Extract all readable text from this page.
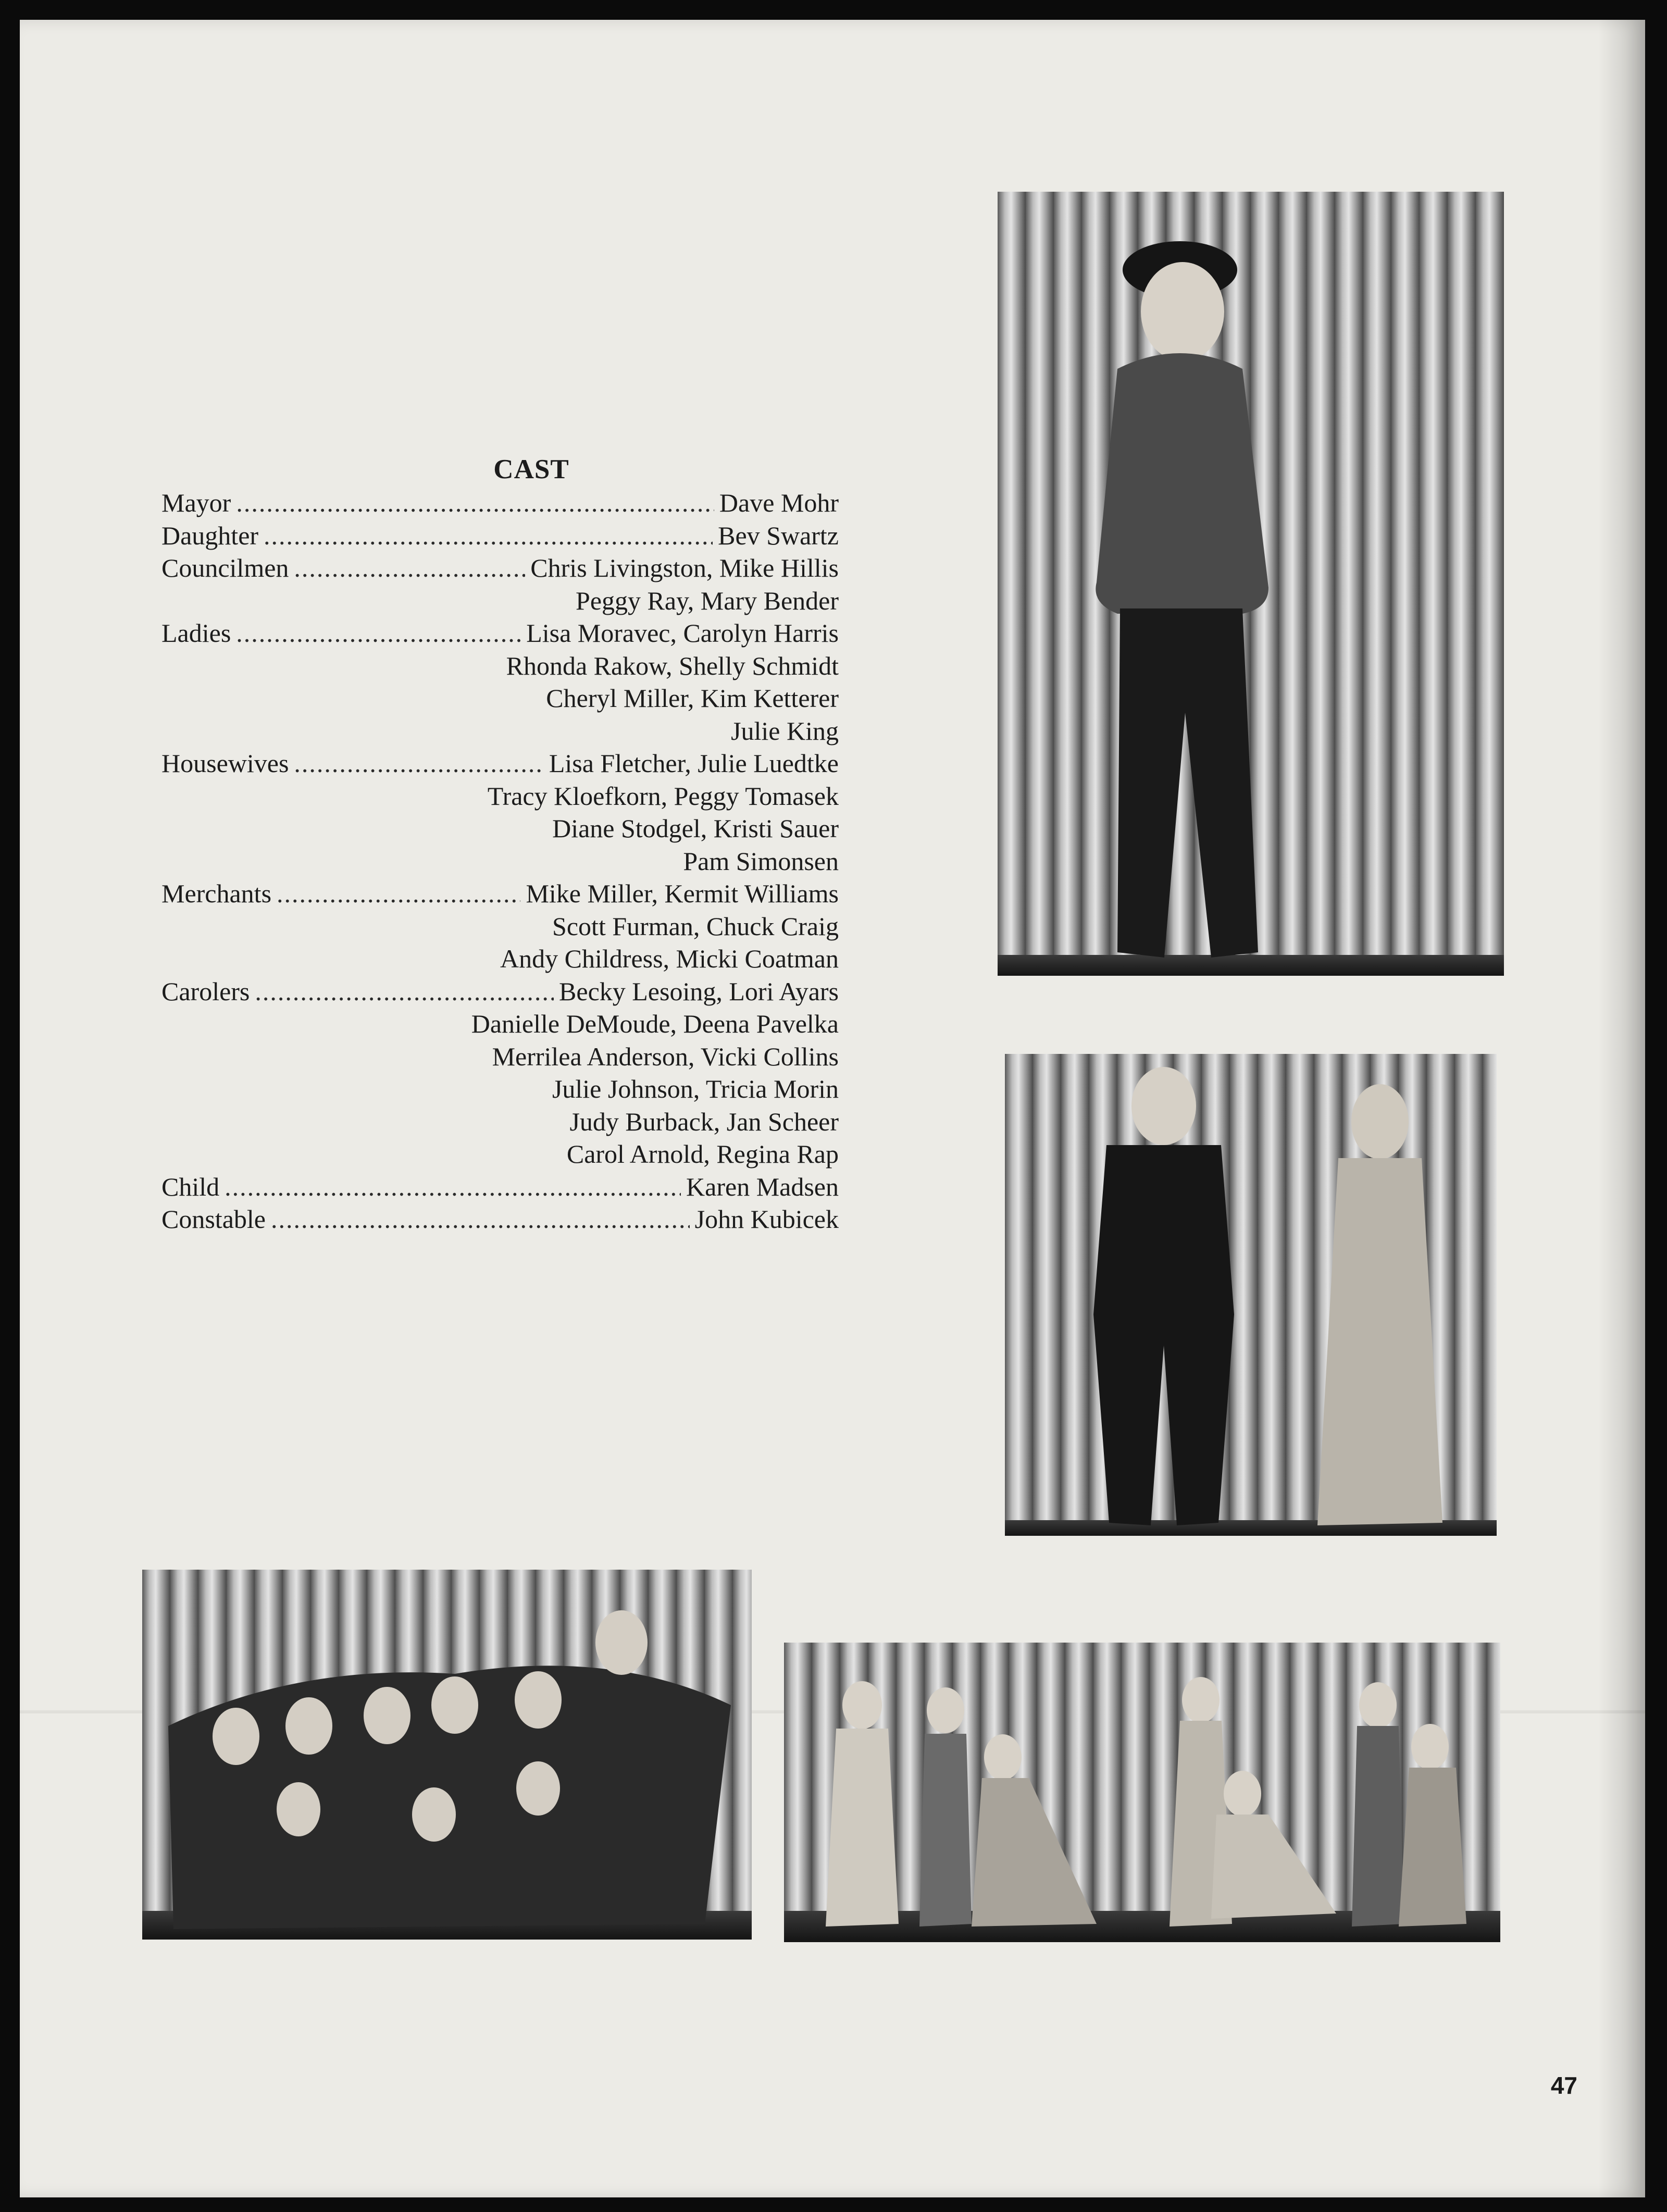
CAST
Mayor .....	Dave Mohr
Daughter .....	Bev Swartz
Councilmen .....	Chris Livingston, Mike Hillis
Peggy Ray, Mary Bender
Ladies .....	Lisa Moravec, Carolyn Harris
Rhonda Rakow, Shelly Schmidt
Cheryl Miller, Kim Ketterer
Julie King
Housewives .....	Lisa Fletcher, Julie Luedtke
Tracy Kloefkorn, Peggy Tomasek
Diane Stodgel, Kristi Sauer
Pam Simonsen
Merchants .....	Mike Miller, Kermit Williams
Scott Furman, Chuck Craig
Andy Childress, Micki Coatman
Carolers .....	Becky Lesoing, Lori Ayars
Danielle DeMoude, Deena Pavelka
Merrilea Anderson, Vicki Collins
Julie Johnson, Tricia Morin
Judy Burback, Jan Scheer
Carol Arnold, Regina Rap
Child .....	Karen Madsen
Constable .....	John Kubicek
47
